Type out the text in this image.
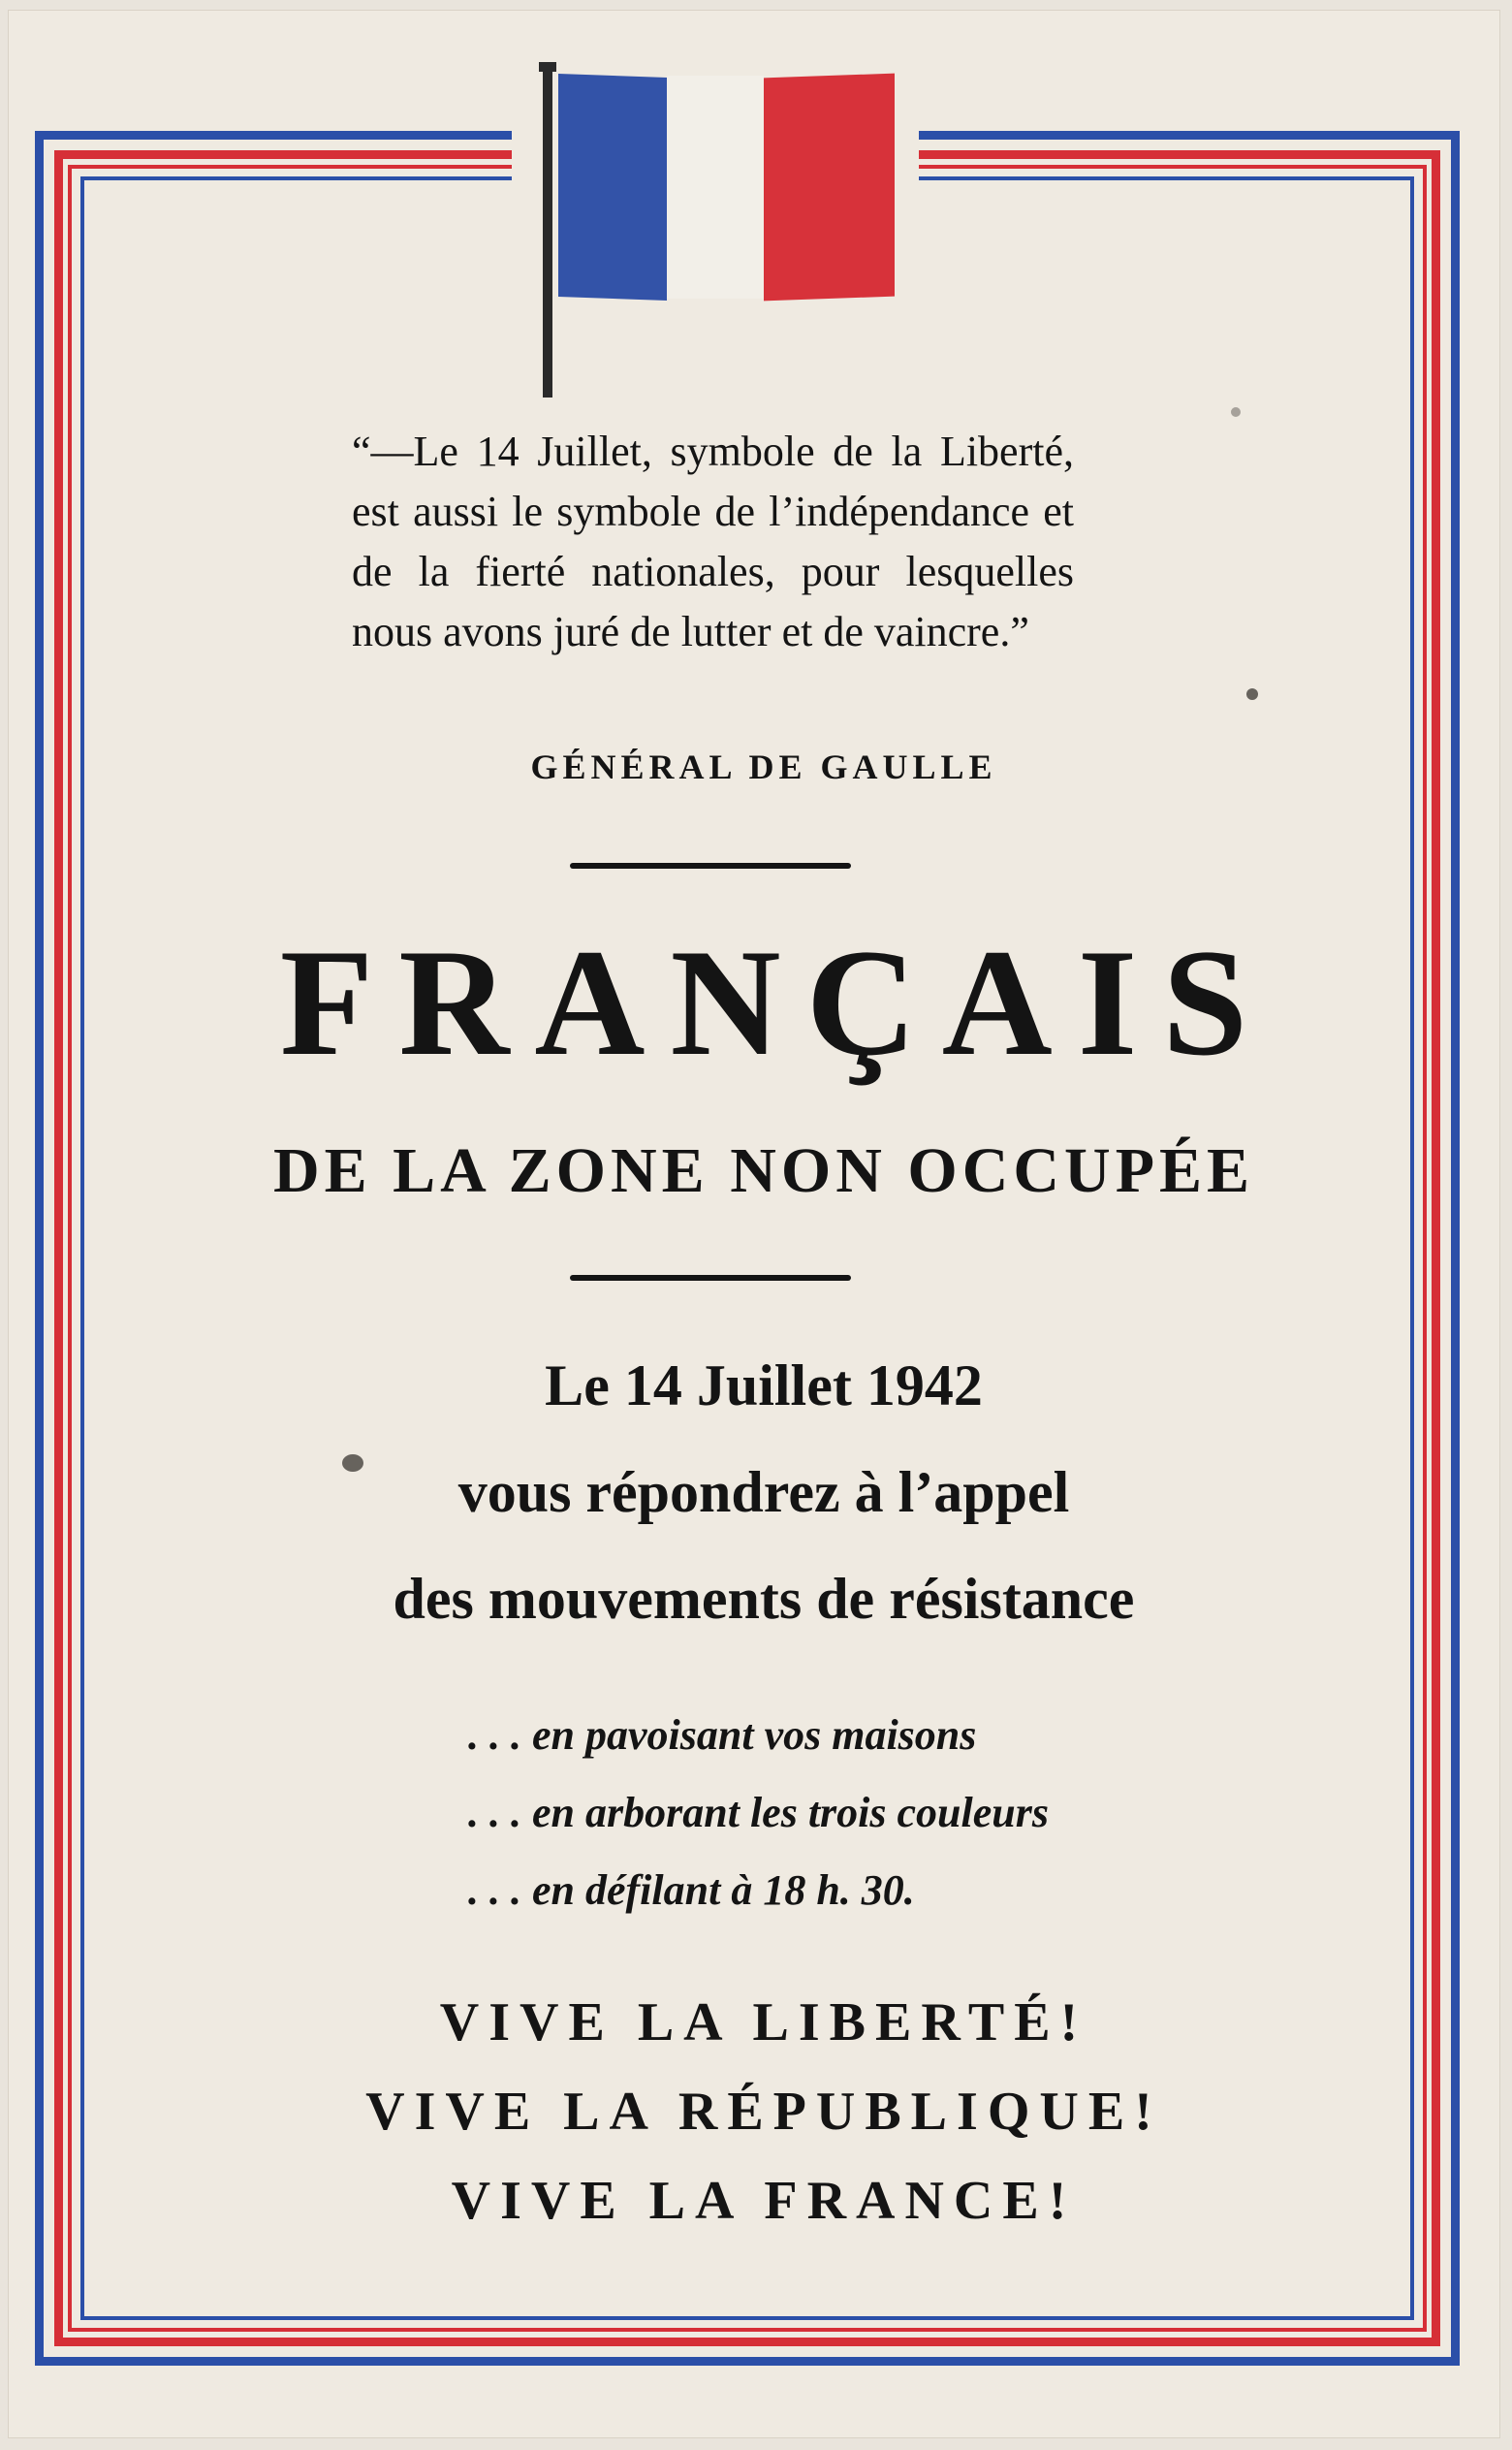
“—Le 14 Juillet, symbole de la Liberté, est aussi le symbole de l’indépendance et de la fierté nationales, pour lesquelles nous avons juré de lutter et de vaincre.”
GÉNÉRAL DE GAULLE
FRANÇAIS
DE LA ZONE NON OCCUPÉE
Le 14 Juillet 1942
vous répondrez à l’appel
des mouvements de résistance
. . . en pavoisant vos maisons
. . . en arborant les trois couleurs
. . . en défilant à 18 h. 30.
VIVE LA LIBERTÉ!
VIVE LA RÉPUBLIQUE!
VIVE LA FRANCE!
